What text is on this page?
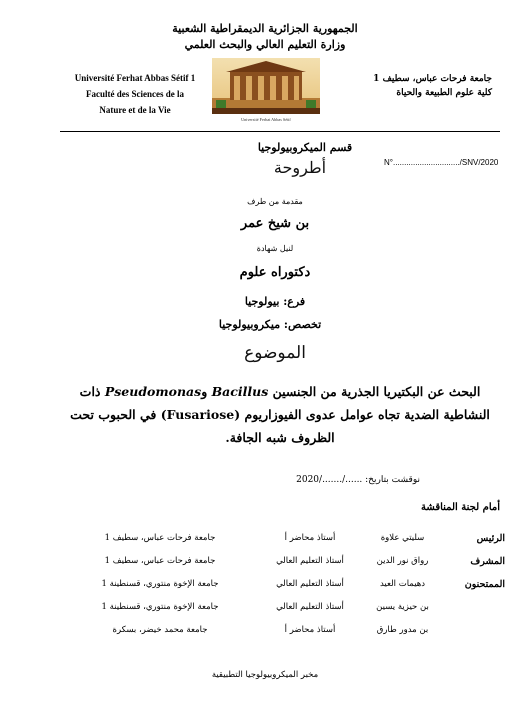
الجمهورية الجزائرية الديمقراطية الشعبية
وزارة التعليم العالي والبحث العلمي
Université Ferhat Abbas Sétif 1
Faculté des Sciences de la
Nature et de la Vie
جامعة فرحات عباس، سطيف 1
كلية علوم الطبيعة والحياة
Université Ferhat Abbas Sétif
قسم الميكروبيولوجيا
أطروحة	N°............................../SNV/2020
مقدمة من طرف
بن شيخ عمر
لنيل شهادة
دكتوراه علوم
فرع: بيولوجيا
تخصص: ميكروبيولوجيا
الموضوع
البحث عن البكتيريا الجذرية من الجنسين Bacillus وPseudomonas ذات النشاطية الضدية تجاه عوامل عدوى الفيوزاريوم (Fusariose) في الحبوب تحت الظروف شبه الجافة.
نوقشت بتاريخ: ....../......./2020
أمام لجنة المناقشة
الرئيس
سليتي علاوة
أستاذ محاضر أ
جامعة فرحات عباس، سطيف 1
المشرف
رواق نور الدين
أستاذ التعليم العالي
جامعة فرحات عباس، سطيف 1
الممتحنون
دهيمات العيد
أستاذ التعليم العالي
جامعة الإخوة منتوري، قسنطينة 1
بن حيزية يسين
أستاذ التعليم العالي
جامعة الإخوة منتوري، قسنطينة 1
بن مدور طارق
أستاذ محاضر أ
جامعة محمد خيضر، بسكرة
مخبر الميكروبيولوجيا التطبيقية
